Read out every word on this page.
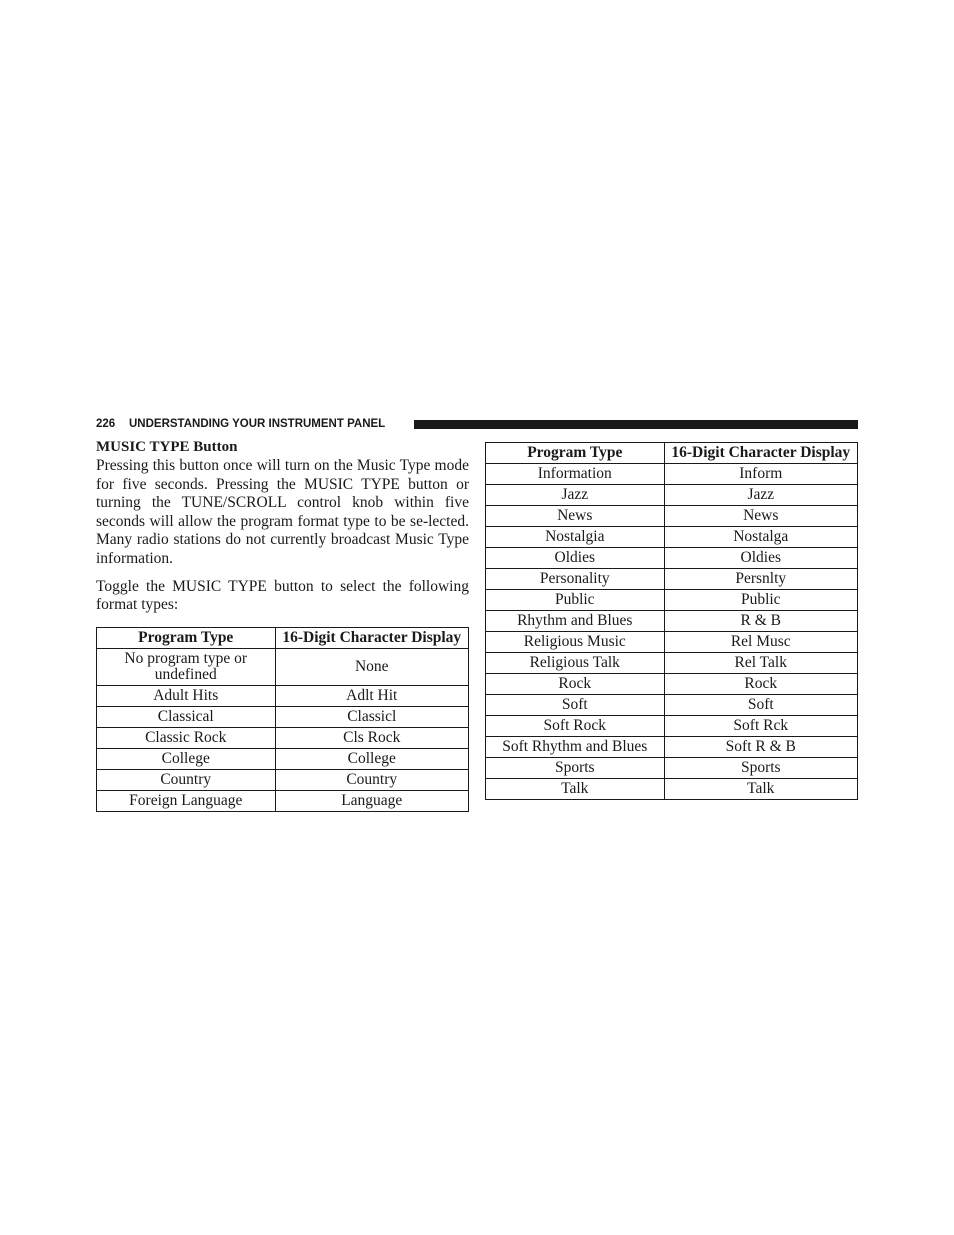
226 UNDERSTANDING YOUR INSTRUMENT PANEL

MUSIC TYPE Button

Pressing this button once will turn on the Music Type mode for five seconds. Pressing the MUSIC TYPE button or turning the TUNE/SCROLL control knob within five seconds will allow the program format type to be se-lected. Many radio stations do not currently broadcast Music Type information.

Toggle the MUSIC TYPE button to select the following format types:

Program Type	16-Digit Character Display
No program type or undefined	None
Adult Hits	Adlt Hit
Classical	Classicl
Classic Rock	Cls Rock
College	College
Country	Country
Foreign Language	Language
Program Type	16-Digit Character Display
Information	Inform
Jazz	Jazz
News	News
Nostalgia	Nostalga
Oldies	Oldies
Personality	Persnlty
Public	Public
Rhythm and Blues	R & B
Religious Music	Rel Musc
Religious Talk	Rel Talk
Rock	Rock
Soft	Soft
Soft Rock	Soft Rck
Soft Rhythm and Blues	Soft R & B
Sports	Sports
Talk	Talk
